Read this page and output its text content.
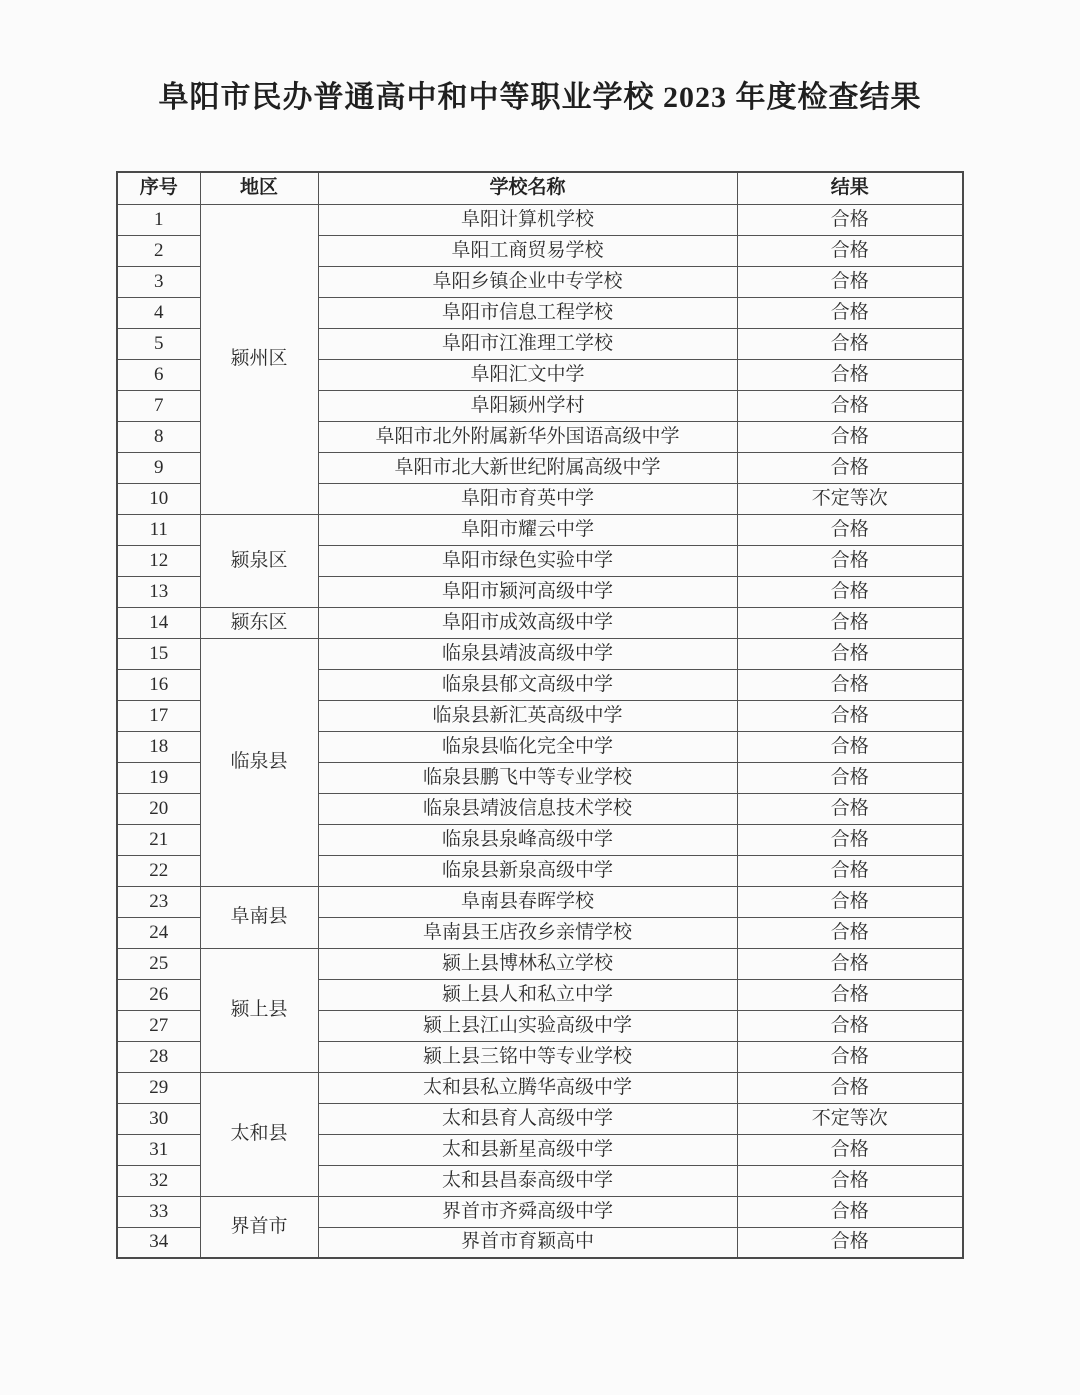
阜阳市民办普通高中和中等职业学校 2023 年度检查结果
序号	地区	学校名称	结果
1	颍州区	阜阳计算机学校	合格
2		阜阳工商贸易学校	合格
3		阜阳乡镇企业中专学校	合格
4		阜阳市信息工程学校	合格
5		阜阳市江淮理工学校	合格
6		阜阳汇文中学	合格
7		阜阳颍州学村	合格
8		阜阳市北外附属新华外国语高级中学	合格
9		阜阳市北大新世纪附属高级中学	合格
10		阜阳市育英中学	不定等次
11	颍泉区	阜阳市耀云中学	合格
12		阜阳市绿色实验中学	合格
13		阜阳市颍河高级中学	合格
14	颍东区	阜阳市成效高级中学	合格
15	临泉县	临泉县靖波高级中学	合格
16		临泉县郁文高级中学	合格
17		临泉县新汇英高级中学	合格
18		临泉县临化完全中学	合格
19		临泉县鹏飞中等专业学校	合格
20		临泉县靖波信息技术学校	合格
21		临泉县泉峰高级中学	合格
22		临泉县新泉高级中学	合格
23	阜南县	阜南县春晖学校	合格
24		阜南县王店孜乡亲情学校	合格
25	颍上县	颍上县博林私立学校	合格
26		颍上县人和私立中学	合格
27		颍上县江山实验高级中学	合格
28		颍上县三铭中等专业学校	合格
29	太和县	太和县私立腾华高级中学	合格
30		太和县育人高级中学	不定等次
31		太和县新星高级中学	合格
32		太和县昌泰高级中学	合格
33	界首市	界首市齐舜高级中学	合格
34		界首市育颖高中	合格
